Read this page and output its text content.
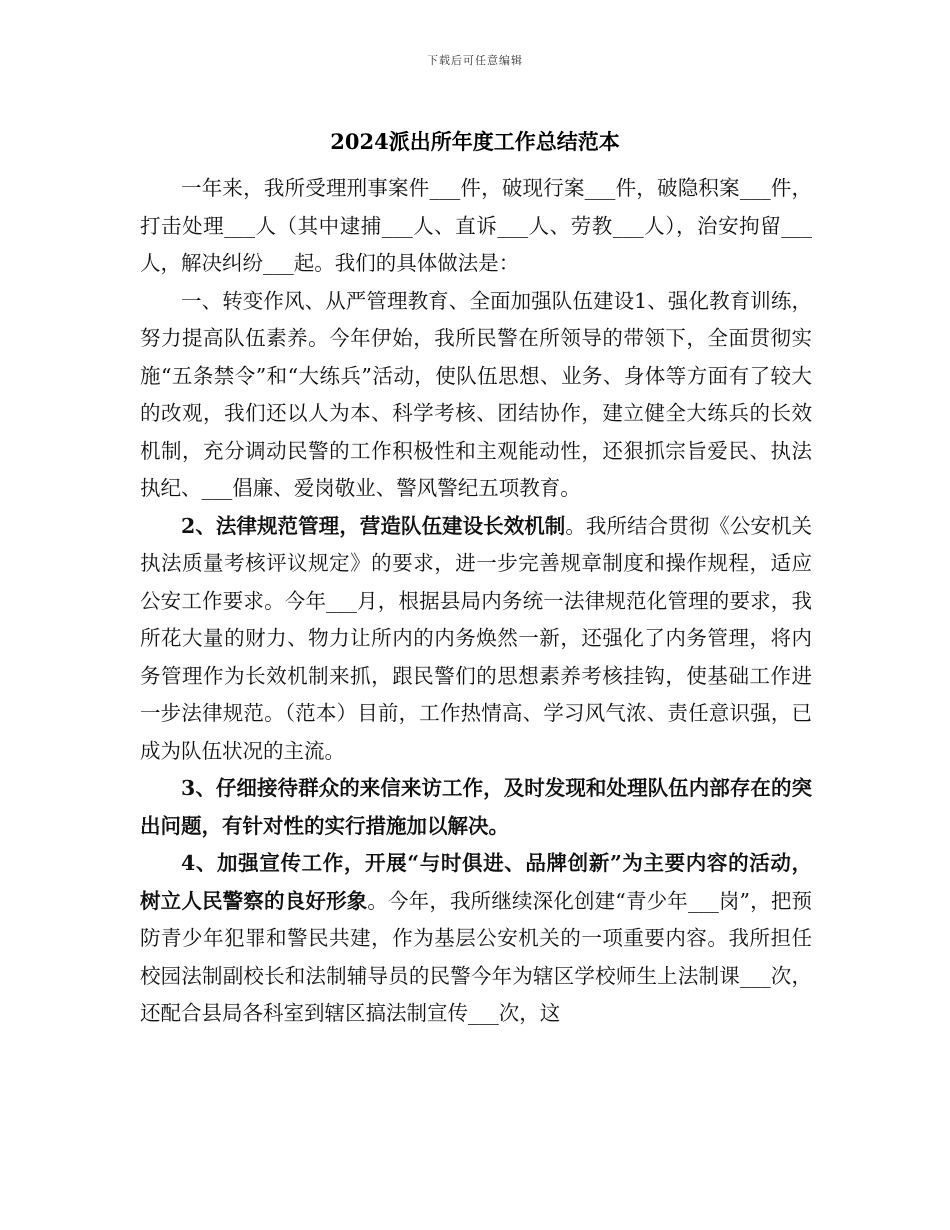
下载后可任意编辑
2024派出所年度工作总结范本

一年来，我所受理刑事案件___件，破现行案___件，破隐积案___件，打击处理___人（其中逮捕___人、直诉___人、劳教___人），治安拘留___人，解决纠纷___起。我们的具体做法是：

一、转变作风、从严管理教育、全面加强队伍建设1、强化教育训练，努力提高队伍素养。今年伊始，我所民警在所领导的带领下，全面贯彻实施“五条禁令”和“大练兵”活动，使队伍思想、业务、身体等方面有了较大的改观，我们还以人为本、科学考核、团结协作，建立健全大练兵的长效机制，充分调动民警的工作积极性和主观能动性，还狠抓宗旨爱民、执法执纪、___倡廉、爱岗敬业、警风警纪五项教育。

2、法律规范管理，营造队伍建设长效机制。我所结合贯彻《公安机关执法质量考核评议规定》的要求，进一步完善规章制度和操作规程，适应公安工作要求。今年___月，根据县局内务统一法律规范化管理的要求，我所花大量的财力、物力让所内的内务焕然一新，还强化了内务管理，将内务管理作为长效机制来抓，跟民警们的思想素养考核挂钩，使基础工作进一步法律规范。（范本）目前，工作热情高、学习风气浓、责任意识强，已成为队伍状况的主流。

3、仔细接待群众的来信来访工作，及时发现和处理队伍内部存在的突出问题，有针对性的实行措施加以解决。

4、加强宣传工作，开展“与时俱进、品牌创新”为主要内容的活动，树立人民警察的良好形象。今年，我所继续深化创建“青少年___岗”，把预防青少年犯罪和警民共建，作为基层公安机关的一项重要内容。我所担任校园法制副校长和法制辅导员的民警今年为辖区学校师生上法制课___次，还配合县局各科室到辖区搞法制宣传___次，这
